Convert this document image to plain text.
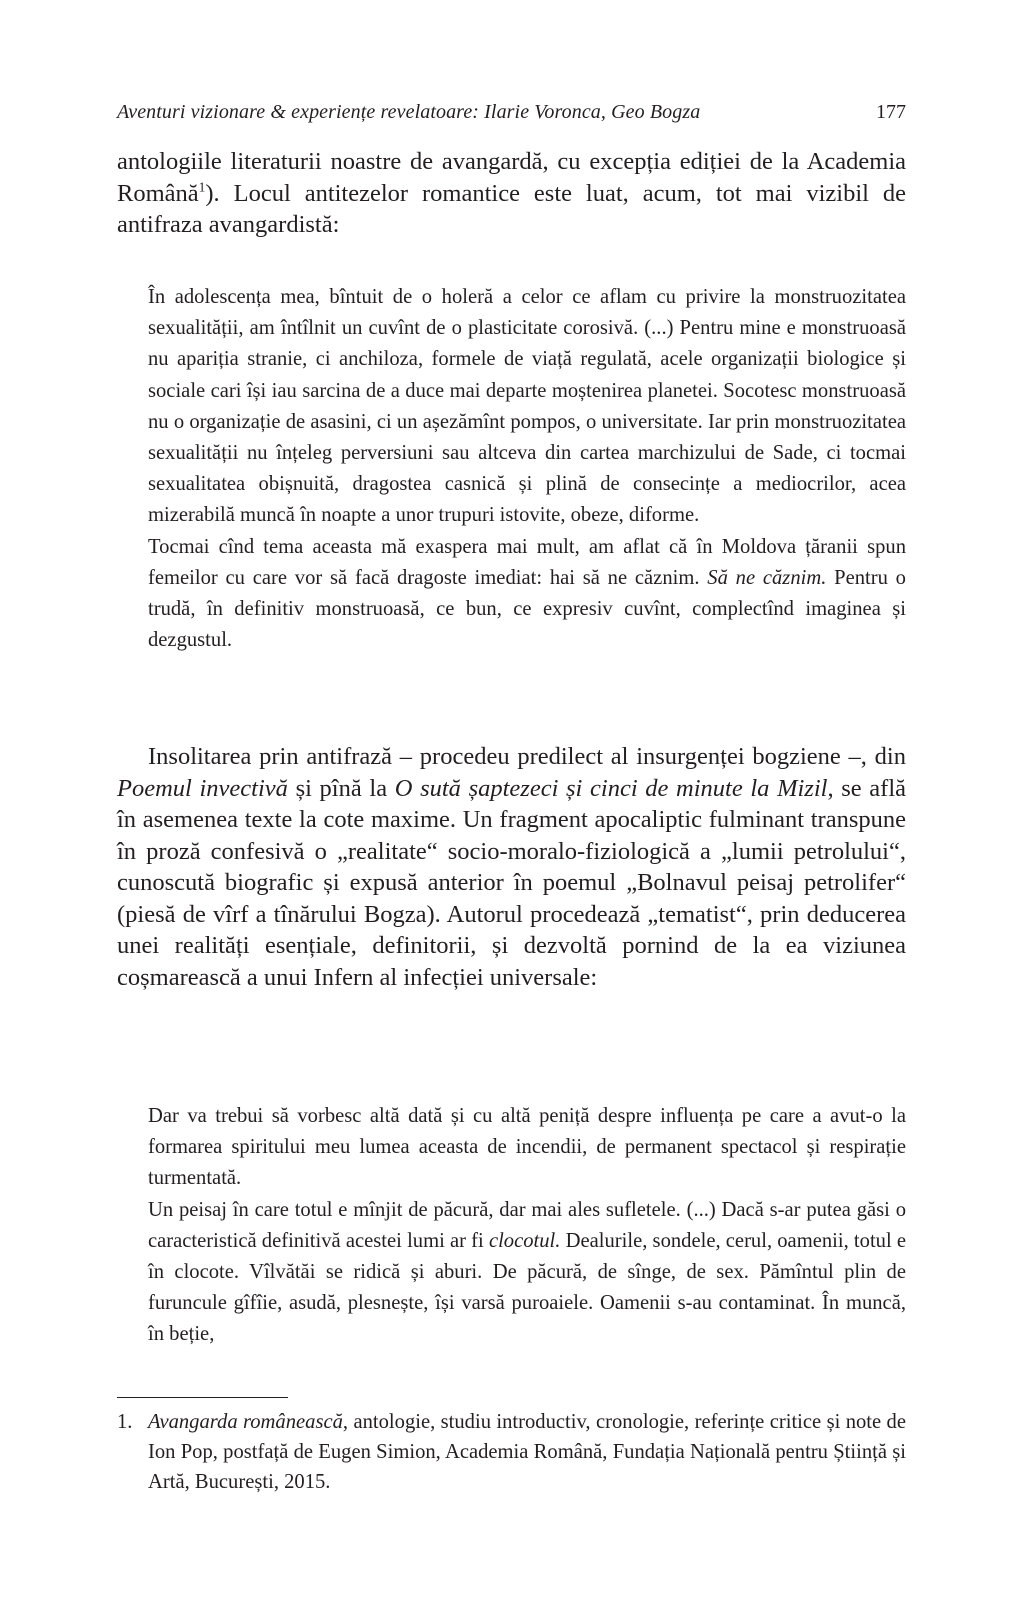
Aventuri vizionare & experiențe revelatoare: Ilarie Voronca, Geo Bogza	177

antologiile literaturii noastre de avangardă, cu excepția ediției de la Academia Română$^1$). Locul antitezelor romantice este luat, acum, tot mai vizibil de antifraza avangardistă:

În adolescența mea, bîntuit de o holeră a celor ce aflam cu privire la monstruozitatea sexualității, am întîlnit un cuvînt de o plasticitate corosivă. (...) Pentru mine e monstruoasă nu apariția stranie, ci anchiloza, formele de viață regulată, acele organizații biologice și sociale cari își iau sarcina de a duce mai departe moștenirea planetei. Socotesc monstruoasă nu o organizație de asasini, ci un așezămînt pompos, o universitate. Iar prin monstruozitatea sexualității nu înțeleg perversiuni sau altceva din cartea marchizului de Sade, ci tocmai sexualitatea obișnuită, dragostea casnică și plină de consecințe a mediocrilor, acea mizerabilă muncă în noapte a unor trupuri istovite, obeze, diforme.

Tocmai cînd tema aceasta mă exaspera mai mult, am aflat că în Moldova țăranii spun femeilor cu care vor să facă dragoste imediat: hai să ne căznim. Să ne căznim. Pentru o trudă, în definitiv monstruoasă, ce bun, ce expresiv cuvînt, complectînd imaginea și dezgustul.

Insolitarea prin antifrază – procedeu predilect al insurgenței bogziene –, din Poemul invectivă și pînă la O sută șaptezeci și cinci de minute la Mizil, se află în asemenea texte la cote maxime. Un fragment apocaliptic fulminant transpune în proză confesivă o „realitate“ socio-moralo-fiziologică a „lumii petrolului“, cunoscută biografic și expusă anterior în poemul „Bolnavul peisaj petrolifer“ (piesă de vîrf a tînărului Bogza). Autorul procedează „tematist“, prin deducerea unei realități esențiale, definitorii, și dezvoltă pornind de la ea viziunea coșmarească a unui Infern al infecției universale:

Dar va trebui să vorbesc altă dată și cu altă peniță despre influența pe care a avut-o la formarea spiritului meu lumea aceasta de incendii, de permanent spectacol și respirație turmentată.

Un peisaj în care totul e mînjit de păcură, dar mai ales sufletele. (...) Dacă s-ar putea găsi o caracteristică definitivă acestei lumi ar fi clocotul. Dealurile, sondele, cerul, oamenii, totul e în clocote. Vîlvătăi se ridică și aburi. De păcură, de sînge, de sex. Pămîntul plin de furuncule gîfîie, asudă, plesnește, își varsă puroaiele. Oamenii s-au contaminat. În muncă, în beție,

1. Avangarda românească, antologie, studiu introductiv, cronologie, referințe critice și note de Ion Pop, postfață de Eugen Simion, Academia Română, Fundația Națională pentru Știință și Artă, București, 2015.
